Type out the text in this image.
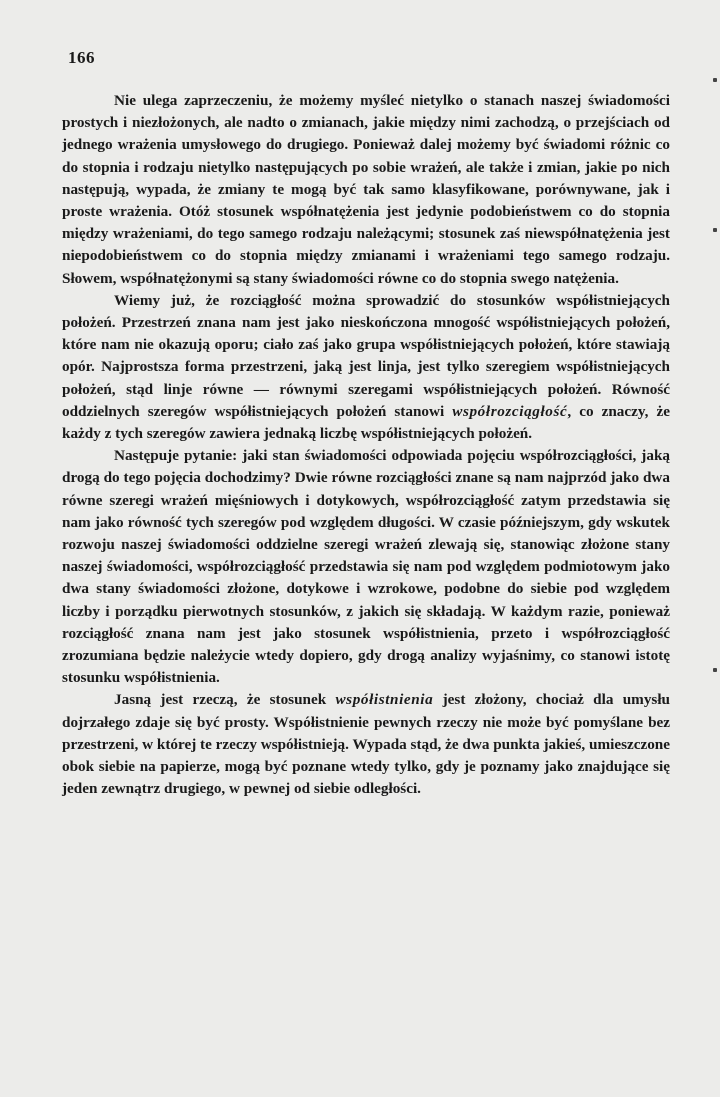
166

Nie ulega zaprzeczeniu, że możemy myśleć nietylko o stanach naszej świadomości prostych i niezłożonych, ale nadto o zmianach, jakie między nimi zachodzą, o przejściach od jednego wrażenia umysłowego do drugiego. Ponieważ dalej możemy być świadomi różnic co do stopnia i rodzaju nietylko następujących po sobie wrażeń, ale także i zmian, jakie po nich następują, wypada, że zmiany te mogą być tak samo klasyfikowane, porównywane, jak i proste wrażenia. Otóż stosunek współnatężenia jest jedynie podobieństwem co do stopnia między wrażeniami, do tego samego rodzaju należącymi; stosunek zaś niewspółnatężenia jest niepodobieństwem co do stopnia między zmianami i wrażeniami tego samego rodzaju. Słowem, współnatężonymi są stany świadomości równe co do stopnia swego natężenia.

Wiemy już, że rozciągłość można sprowadzić do stosunków współistniejących położeń. Przestrzeń znana nam jest jako nieskończona mnogość współistniejących położeń, które nam nie okazują oporu; ciało zaś jako grupa współistniejących położeń, które stawiają opór. Najprostsza forma przestrzeni, jaką jest linja, jest tylko szeregiem współistniejących położeń, stąd linje równe — równymi szeregami współistniejących położeń. Równość oddzielnych szeregów współistniejących położeń stanowi współrozciągłość, co znaczy, że każdy z tych szeregów zawiera jednaką liczbę współistniejących położeń.

Następuje pytanie: jaki stan świadomości odpowiada pojęciu współrozciągłości, jaką drogą do tego pojęcia dochodzimy? Dwie równe rozciągłości znane są nam najprzód jako dwa równe szeregi wrażeń mięśniowych i dotykowych, współrozciągłość zatym przedstawia się nam jako równość tych szeregów pod względem długości. W czasie późniejszym, gdy wskutek rozwoju naszej świadomości oddzielne szeregi wrażeń zlewają się, stanowiąc złożone stany naszej świadomości, współrozciągłość przedstawia się nam pod względem podmiotowym jako dwa stany świadomości złożone, dotykowe i wzrokowe, podobne do siebie pod względem liczby i porządku pierwotnych stosunków, z jakich się składają. W każdym razie, ponieważ rozciągłość znana nam jest jako stosunek współistnienia, przeto i współrozciągłość zrozumiana będzie należycie wtedy dopiero, gdy drogą analizy wyjaśnimy, co stanowi istotę stosunku współistnienia.

Jasną jest rzeczą, że stosunek współistnienia jest złożony, chociaż dla umysłu dojrzałego zdaje się być prosty. Współistnienie pewnych rzeczy nie może być pomyślane bez przestrzeni, w której te rzeczy współistnieją. Wypada stąd, że dwa punkta jakieś, umieszczone obok siebie na papierze, mogą być poznane wtedy tylko, gdy je poznamy jako znajdujące się jeden zewnątrz drugiego, w pewnej od siebie odległości.
